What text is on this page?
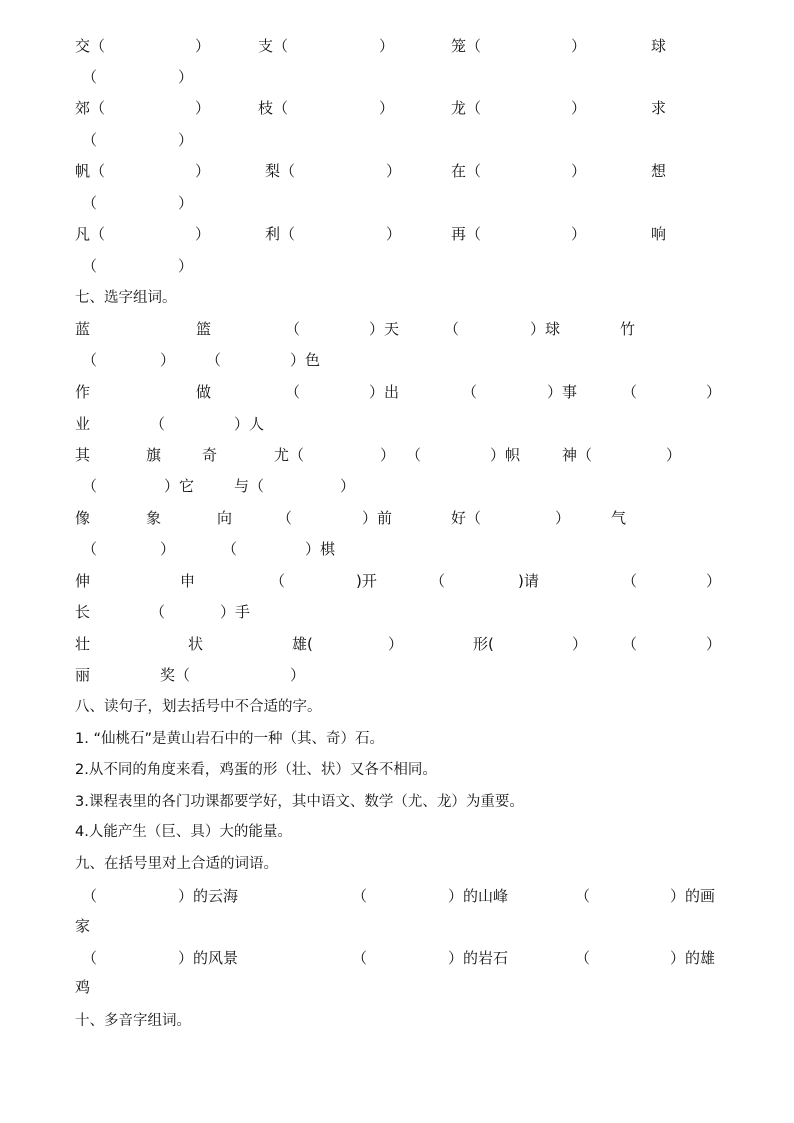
交（	）	支（	）	笼（	）	球
（	）
郊（	）	枝（	）	龙（	）	求
（	）
帆（	）	梨（	）	在（	）	想
（	）
凡（	）	利（	）	再（	）	响
（	）
七、选字组词。
蓝	篮	（	）天	（	）球	竹
（	） （	）色
作	做	（	）出	（	）事	（	）
业	（	）人
其	旗	奇	尤（	） （	）帜	神（	）
（	）它	与（	）
像	象	向	（	）前	好（	）	气
（	）	（	）棋
伸	申	（	)开	（	)请	（	）
长	（	）手
壮	状	雄(	）	形(	） （	）
丽	奖（	）
八、读句子，划去括号中不合适的字。
1. “仙桃石”是黄山岩石中的一种（其、奇）石。
2.从不同的角度来看，鸡蛋的形（壮、状）又各不相同。
3.课程表里的各门功课都要学好，其中语文、数学（尤、龙）为重要。
4.人能产生（巨、具）大的能量。
九、在括号里对上合适的词语。
（	）的云海	（	）的山峰	（	）的画
家
（	）的风景	（	）的岩石	（	）的雄
鸡
十、多音字组词。
